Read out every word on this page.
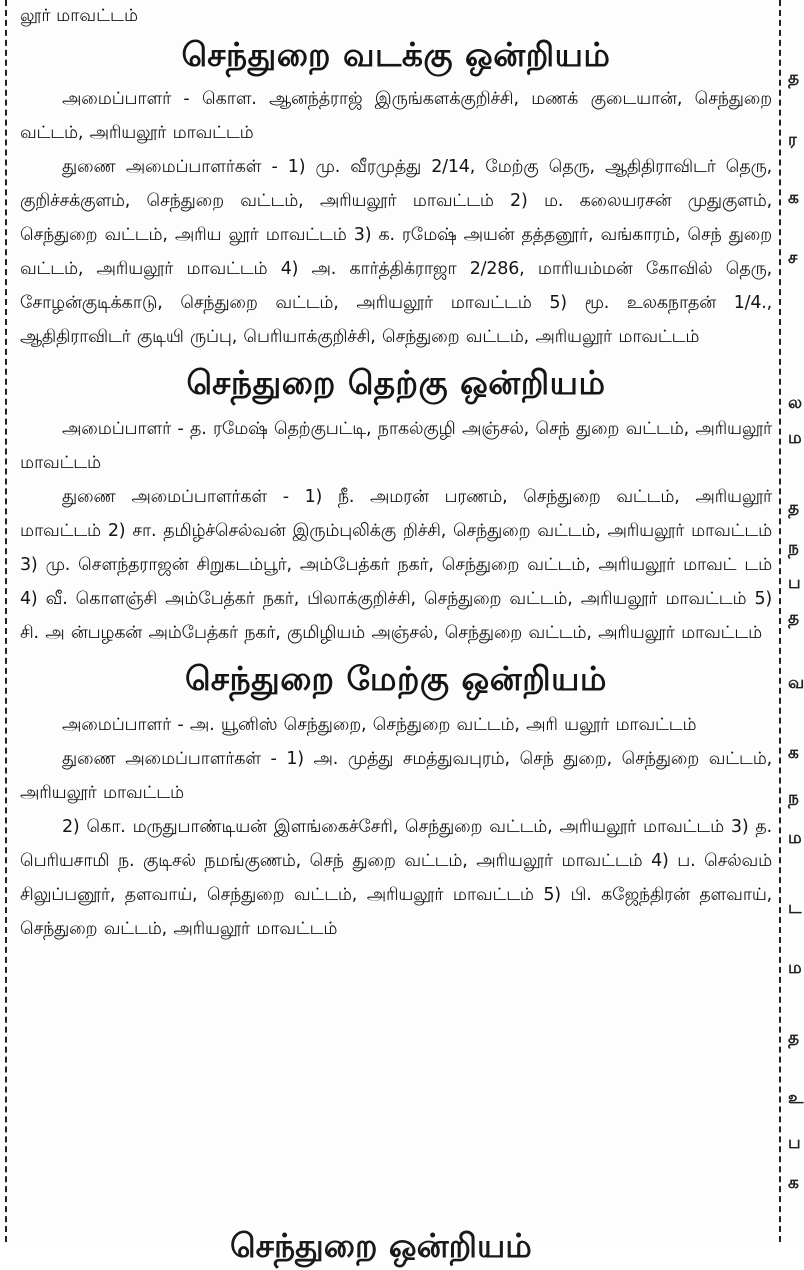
த
ர
க
ச
ல
ம
த
ந
ப
த
வ
க
ந
ம
ட
ம
த
உ
ப
க
லூர் மாவட்டம்
செந்துறை வடக்கு ஒன்றியம்

அமைப்பாளர் - கொள. ஆனந்த்ராஜ் இருங்களக்குறிச்சி, மணக் குடையான், செந்துறை வட்டம், அரியலூர் மாவட்டம்

துணை அமைப்பாளர்கள் - 1) மு. வீரமுத்து 2/14, மேற்கு தெரு, ஆதிதிராவிடர் தெரு, குறிச்சக்குளம், செந்துறை வட்டம், அரியலூர் மாவட்டம் 2) ம. கலையரசன் முதுகுளம், செந்துறை வட்டம், அரிய லூர் மாவட்டம் 3) க. ரமேஷ் அயன் தத்தனூர், வங்காரம், செந் துறை வட்டம், அரியலூர் மாவட்டம் 4) அ. கார்த்திக்ராஜா 2/286, மாரியம்மன் கோவில் தெரு, சோழன்குடிக்காடு, செந்துறை வட்டம், அரியலூர் மாவட்டம் 5) மூ. உலகநாதன் 1/4., ஆதிதிராவிடர் குடியி ருப்பு, பெரியாக்குறிச்சி, செந்துறை வட்டம், அரியலூர் மாவட்டம்

செந்துறை தெற்கு ஒன்றியம்

அமைப்பாளர் - த. ரமேஷ் தெற்குபட்டி, நாகல்குழி அஞ்சல், செந் துறை வட்டம், அரியலூர் மாவட்டம்

துணை அமைப்பாளர்கள் - 1) நீ. அமரன் பரணம், செந்துறை வட்டம், அரியலூர் மாவட்டம் 2) சா. தமிழ்ச்செல்வன் இரும்புலிக்கு றிச்சி, செந்துறை வட்டம், அரியலூர் மாவட்டம் 3) மு. சௌந்தராஜன் சிறுகடம்பூர், அம்பேத்கர் நகர், செந்துறை வட்டம், அரியலூர் மாவட் டம் 4) வீ. கொளஞ்சி அம்பேத்கர் நகர், பிலாக்குறிச்சி, செந்துறை வட்டம், அரியலூர் மாவட்டம் 5) சி. அ ன்பழகன் அம்பேத்கர் நகர், குமிழியம் அஞ்சல், செந்துறை வட்டம், அரியலூர் மாவட்டம்

செந்துறை மேற்கு ஒன்றியம்

அமைப்பாளர் - அ. யூனிஸ் செந்துறை, செந்துறை வட்டம், அரி யலூர் மாவட்டம்

துணை அமைப்பாளர்கள் - 1) அ. முத்து சமத்துவபுரம், செந் துறை, செந்துறை வட்டம், அரியலூர் மாவட்டம்

2) கொ. மருதுபாண்டியன் இளங்கைச்சேரி, செந்துறை வட்டம், அரியலூர் மாவட்டம் 3) த. பெரியசாமி ந. குடிசல் நமங்குணம், செந் துறை வட்டம், அரியலூர் மாவட்டம் 4) ப. செல்வம் சிலுப்பனூர், தளவாய், செந்துறை வட்டம், அரியலூர் மாவட்டம் 5) பி. கஜேந்திரன் தளவாய், செந்துறை வட்டம், அரியலூர் மாவட்டம்

செந்துறை ஒன்றியம்
